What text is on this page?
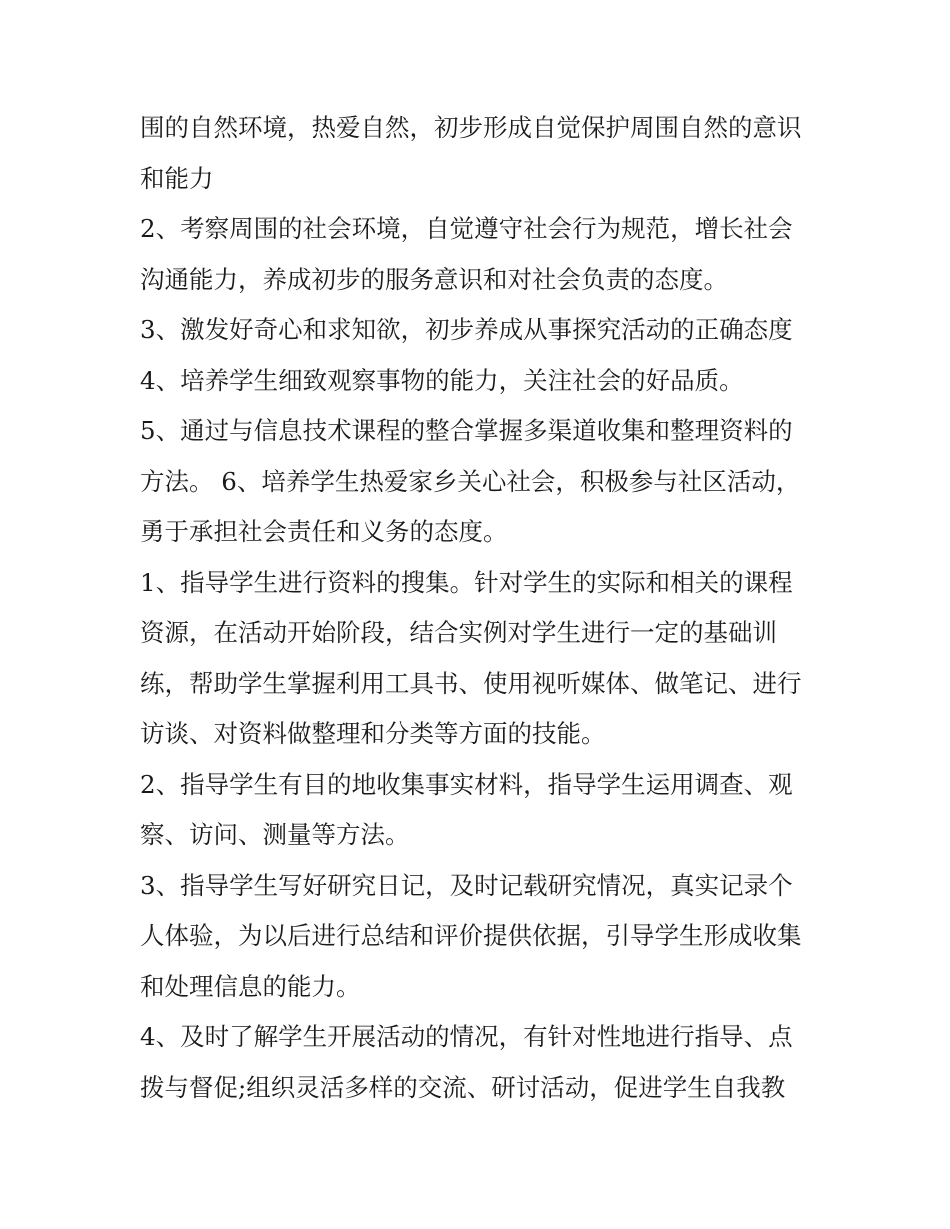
围的自然环境，热爱自然，初步形成自觉保护周围自然的意识
和能力
2、考察周围的社会环境，自觉遵守社会行为规范，增长社会
沟通能力，养成初步的服务意识和对社会负责的态度。
3、激发好奇心和求知欲，初步养成从事探究活动的正确态度
4、培养学生细致观察事物的能力，关注社会的好品质。
5、通过与信息技术课程的整合掌握多渠道收集和整理资料的
方法。 6、培养学生热爱家乡关心社会，积极参与社区活动，
勇于承担社会责任和义务的态度。
1、指导学生进行资料的搜集。针对学生的实际和相关的课程
资源，在活动开始阶段，结合实例对学生进行一定的基础训
练，帮助学生掌握利用工具书、使用视听媒体、做笔记、进行
访谈、对资料做整理和分类等方面的技能。
2、指导学生有目的地收集事实材料，指导学生运用调查、观
察、访问、测量等方法。
3、指导学生写好研究日记，及时记载研究情况，真实记录个
人体验，为以后进行总结和评价提供依据，引导学生形成收集
和处理信息的能力。
4、及时了解学生开展活动的情况，有针对性地进行指导、点
拨与督促;组织灵活多样的交流、研讨活动，促进学生自我教
